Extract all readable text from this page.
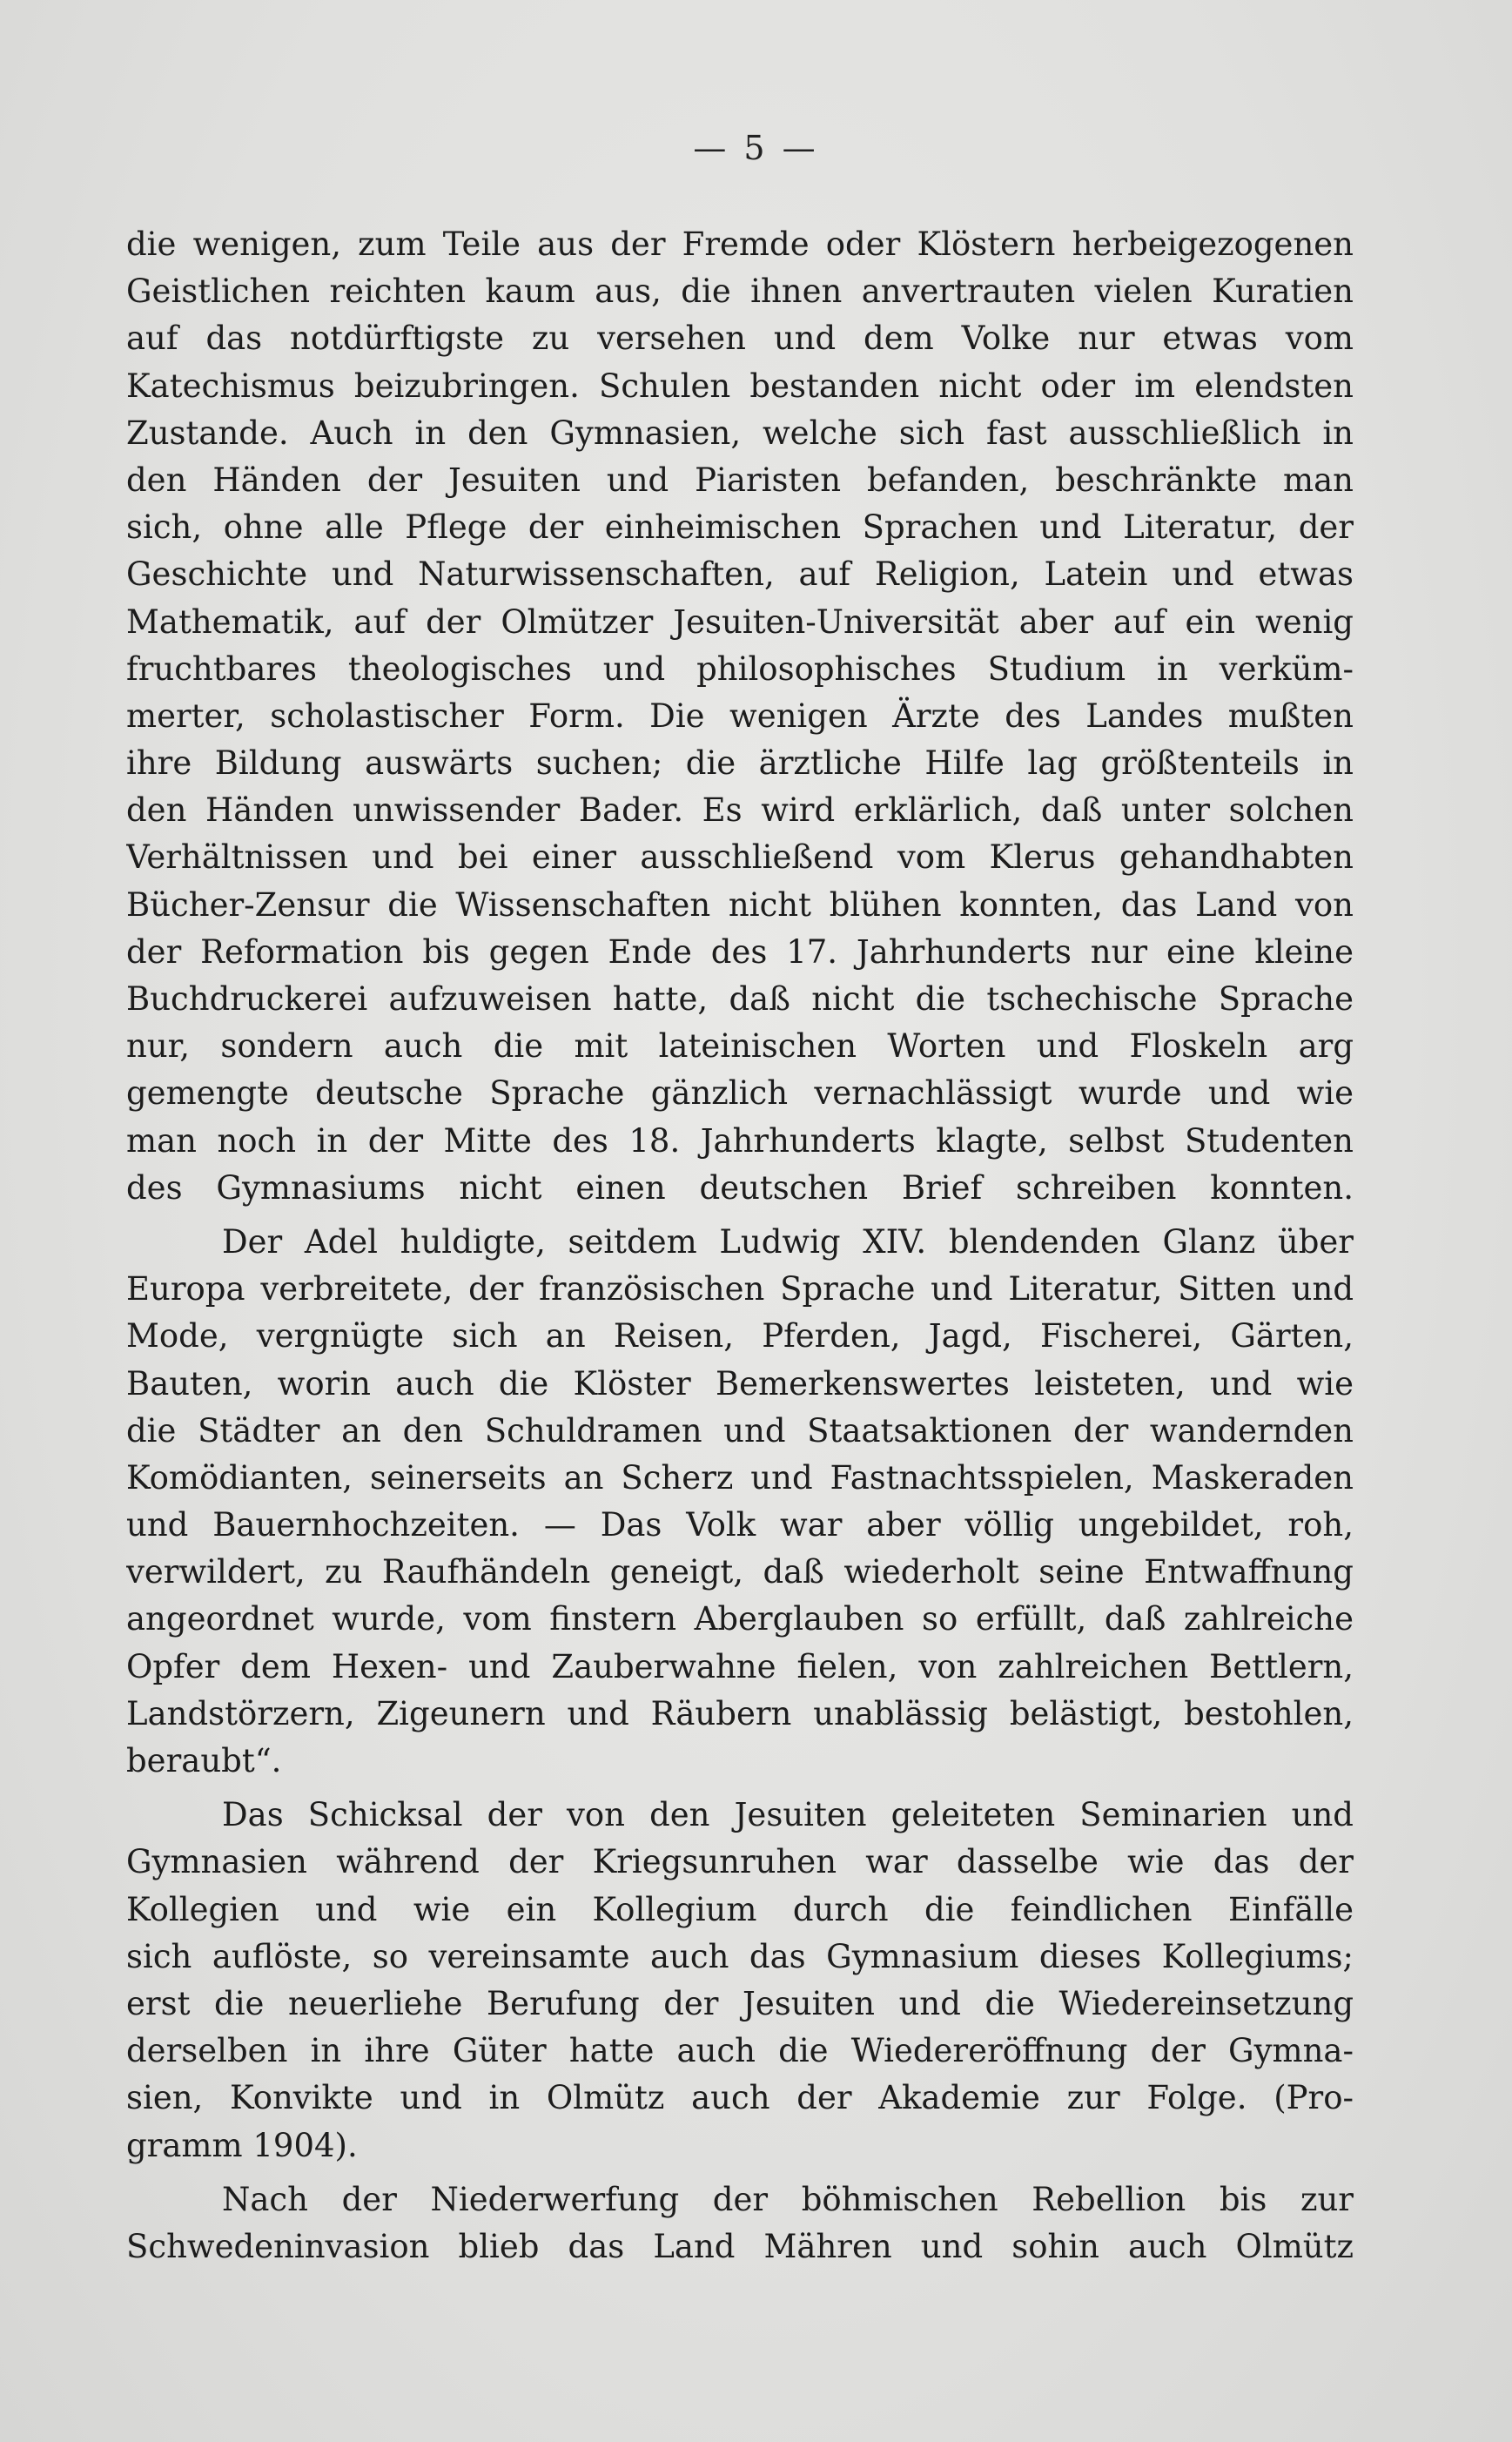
— 5 —
die wenigen, zum Teile aus der Fremde oder Klöstern herbeigezogenen
Geistlichen reichten kaum aus, die ihnen anvertrauten vielen Kuratien
auf das notdürftigste zu versehen und dem Volke nur etwas vom
Katechismus beizubringen. Schulen bestanden nicht oder im elendsten
Zustande. Auch in den Gymnasien, welche sich fast ausschließlich in
den Händen der Jesuiten und Piaristen befanden, beschränkte man
sich, ohne alle Pflege der einheimischen Sprachen und Literatur, der
Geschichte und Naturwissenschaften, auf Religion, Latein und etwas
Mathematik, auf der Olmützer Jesuiten-Universität aber auf ein wenig
fruchtbares theologisches und philosophisches Studium in verküm-
merter, scholastischer Form. Die wenigen Ärzte des Landes mußten
ihre Bildung auswärts suchen; die ärztliche Hilfe lag größtenteils in
den Händen unwissender Bader. Es wird erklärlich, daß unter solchen
Verhältnissen und bei einer ausschließend vom Klerus gehandhabten
Bücher-Zensur die Wissenschaften nicht blühen konnten, das Land von
der Reformation bis gegen Ende des 17. Jahrhunderts nur eine kleine
Buchdruckerei aufzuweisen hatte, daß nicht die tschechische Sprache
nur, sondern auch die mit lateinischen Worten und Floskeln arg
gemengte deutsche Sprache gänzlich vernachlässigt wurde und wie
man noch in der Mitte des 18. Jahrhunderts klagte, selbst Studenten
des Gymnasiums nicht einen deutschen Brief schreiben konnten.
Der Adel huldigte, seitdem Ludwig XIV. blendenden Glanz über
Europa verbreitete, der französischen Sprache und Literatur, Sitten und
Mode, vergnügte sich an Reisen, Pferden, Jagd, Fischerei, Gärten,
Bauten, worin auch die Klöster Bemerkenswertes leisteten, und wie
die Städter an den Schuldramen und Staatsaktionen der wandernden
Komödianten, seinerseits an Scherz und Fastnachtsspielen, Maskeraden
und Bauernhochzeiten. — Das Volk war aber völlig ungebildet, roh,
verwildert, zu Raufhändeln geneigt, daß wiederholt seine Entwaffnung
angeordnet wurde, vom finstern Aberglauben so erfüllt, daß zahlreiche
Opfer dem Hexen- und Zauberwahne fielen, von zahlreichen Bettlern,
Landstörzern, Zigeunern und Räubern unablässig belästigt, bestohlen,
beraubt“.
Das Schicksal der von den Jesuiten geleiteten Seminarien und
Gymnasien während der Kriegsunruhen war dasselbe wie das der
Kollegien und wie ein Kollegium durch die feindlichen Einfälle
sich auflöste, so vereinsamte auch das Gymnasium dieses Kollegiums;
erst die neuerliehe Berufung der Jesuiten und die Wiedereinsetzung
derselben in ihre Güter hatte auch die Wiedereröffnung der Gymna-
sien, Konvikte und in Olmütz auch der Akademie zur Folge. (Pro-
gramm 1904).
Nach der Niederwerfung der böhmischen Rebellion bis zur
Schwedeninvasion blieb das Land Mähren und sohin auch Olmütz
